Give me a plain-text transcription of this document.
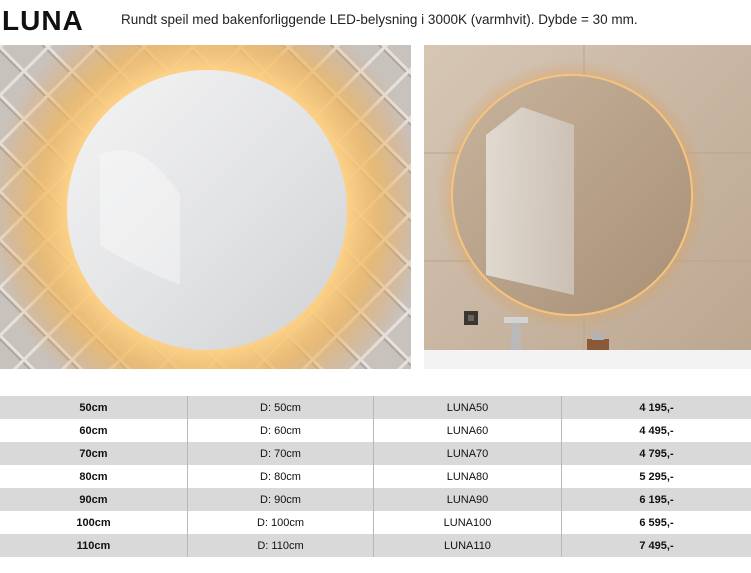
LUNA	Rundt speil med bakenforliggende LED-belysning i 3000K (varmhvit). Dybde = 30 mm.
50cm	D: 50cm	LUNA50	4 195,-
60cm	D: 60cm	LUNA60	4 495,-
70cm	D: 70cm	LUNA70	4 795,-
80cm	D: 80cm	LUNA80	5 295,-
90cm	D: 90cm	LUNA90	6 195,-
100cm	D: 100cm	LUNA100	6 595,-
110cm	D: 110cm	LUNA110	7 495,-
